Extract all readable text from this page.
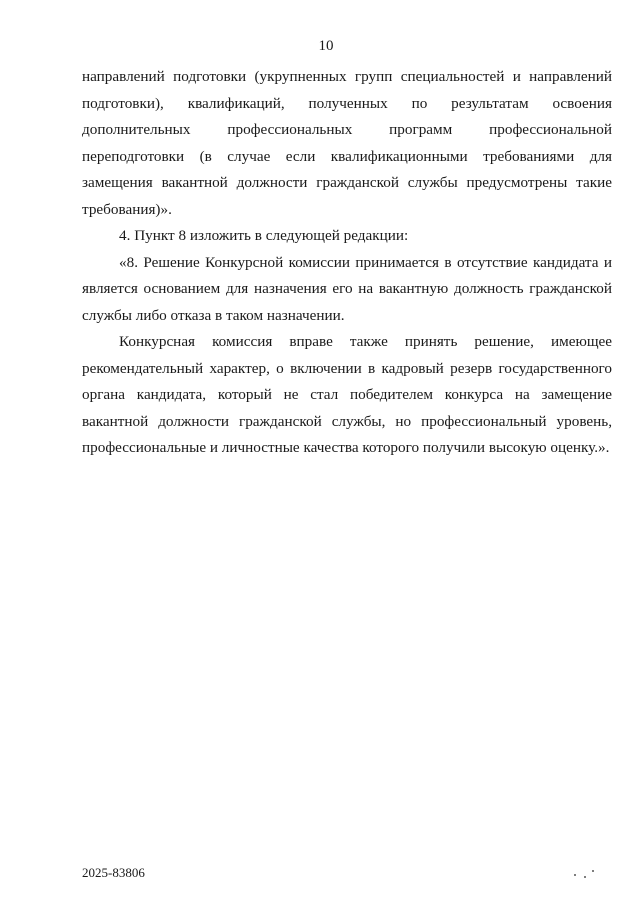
10

направлений подготовки (укрупненных групп специальностей и направлений подготовки), квалификаций, полученных по результатам освоения дополнительных профессиональных программ профессиональной переподготовки (в случае если квалификационными требованиями для замещения вакантной должности гражданской службы предусмотрены такие требования)».

4. Пункт 8 изложить в следующей редакции:

«8. Решение Конкурсной комиссии принимается в отсутствие кандидата и является основанием для назначения его на вакантную должность гражданской службы либо отказа в таком назначении.

Конкурсная комиссия вправе также принять решение, имеющее рекомендательный характер, о включении в кадровый резерв государственного органа кандидата, который не стал победителем конкурса на замещение вакантной должности гражданской службы, но профессиональный уровень, профессиональные и личностные качества которого получили высокую оценку.».

2025-83806
